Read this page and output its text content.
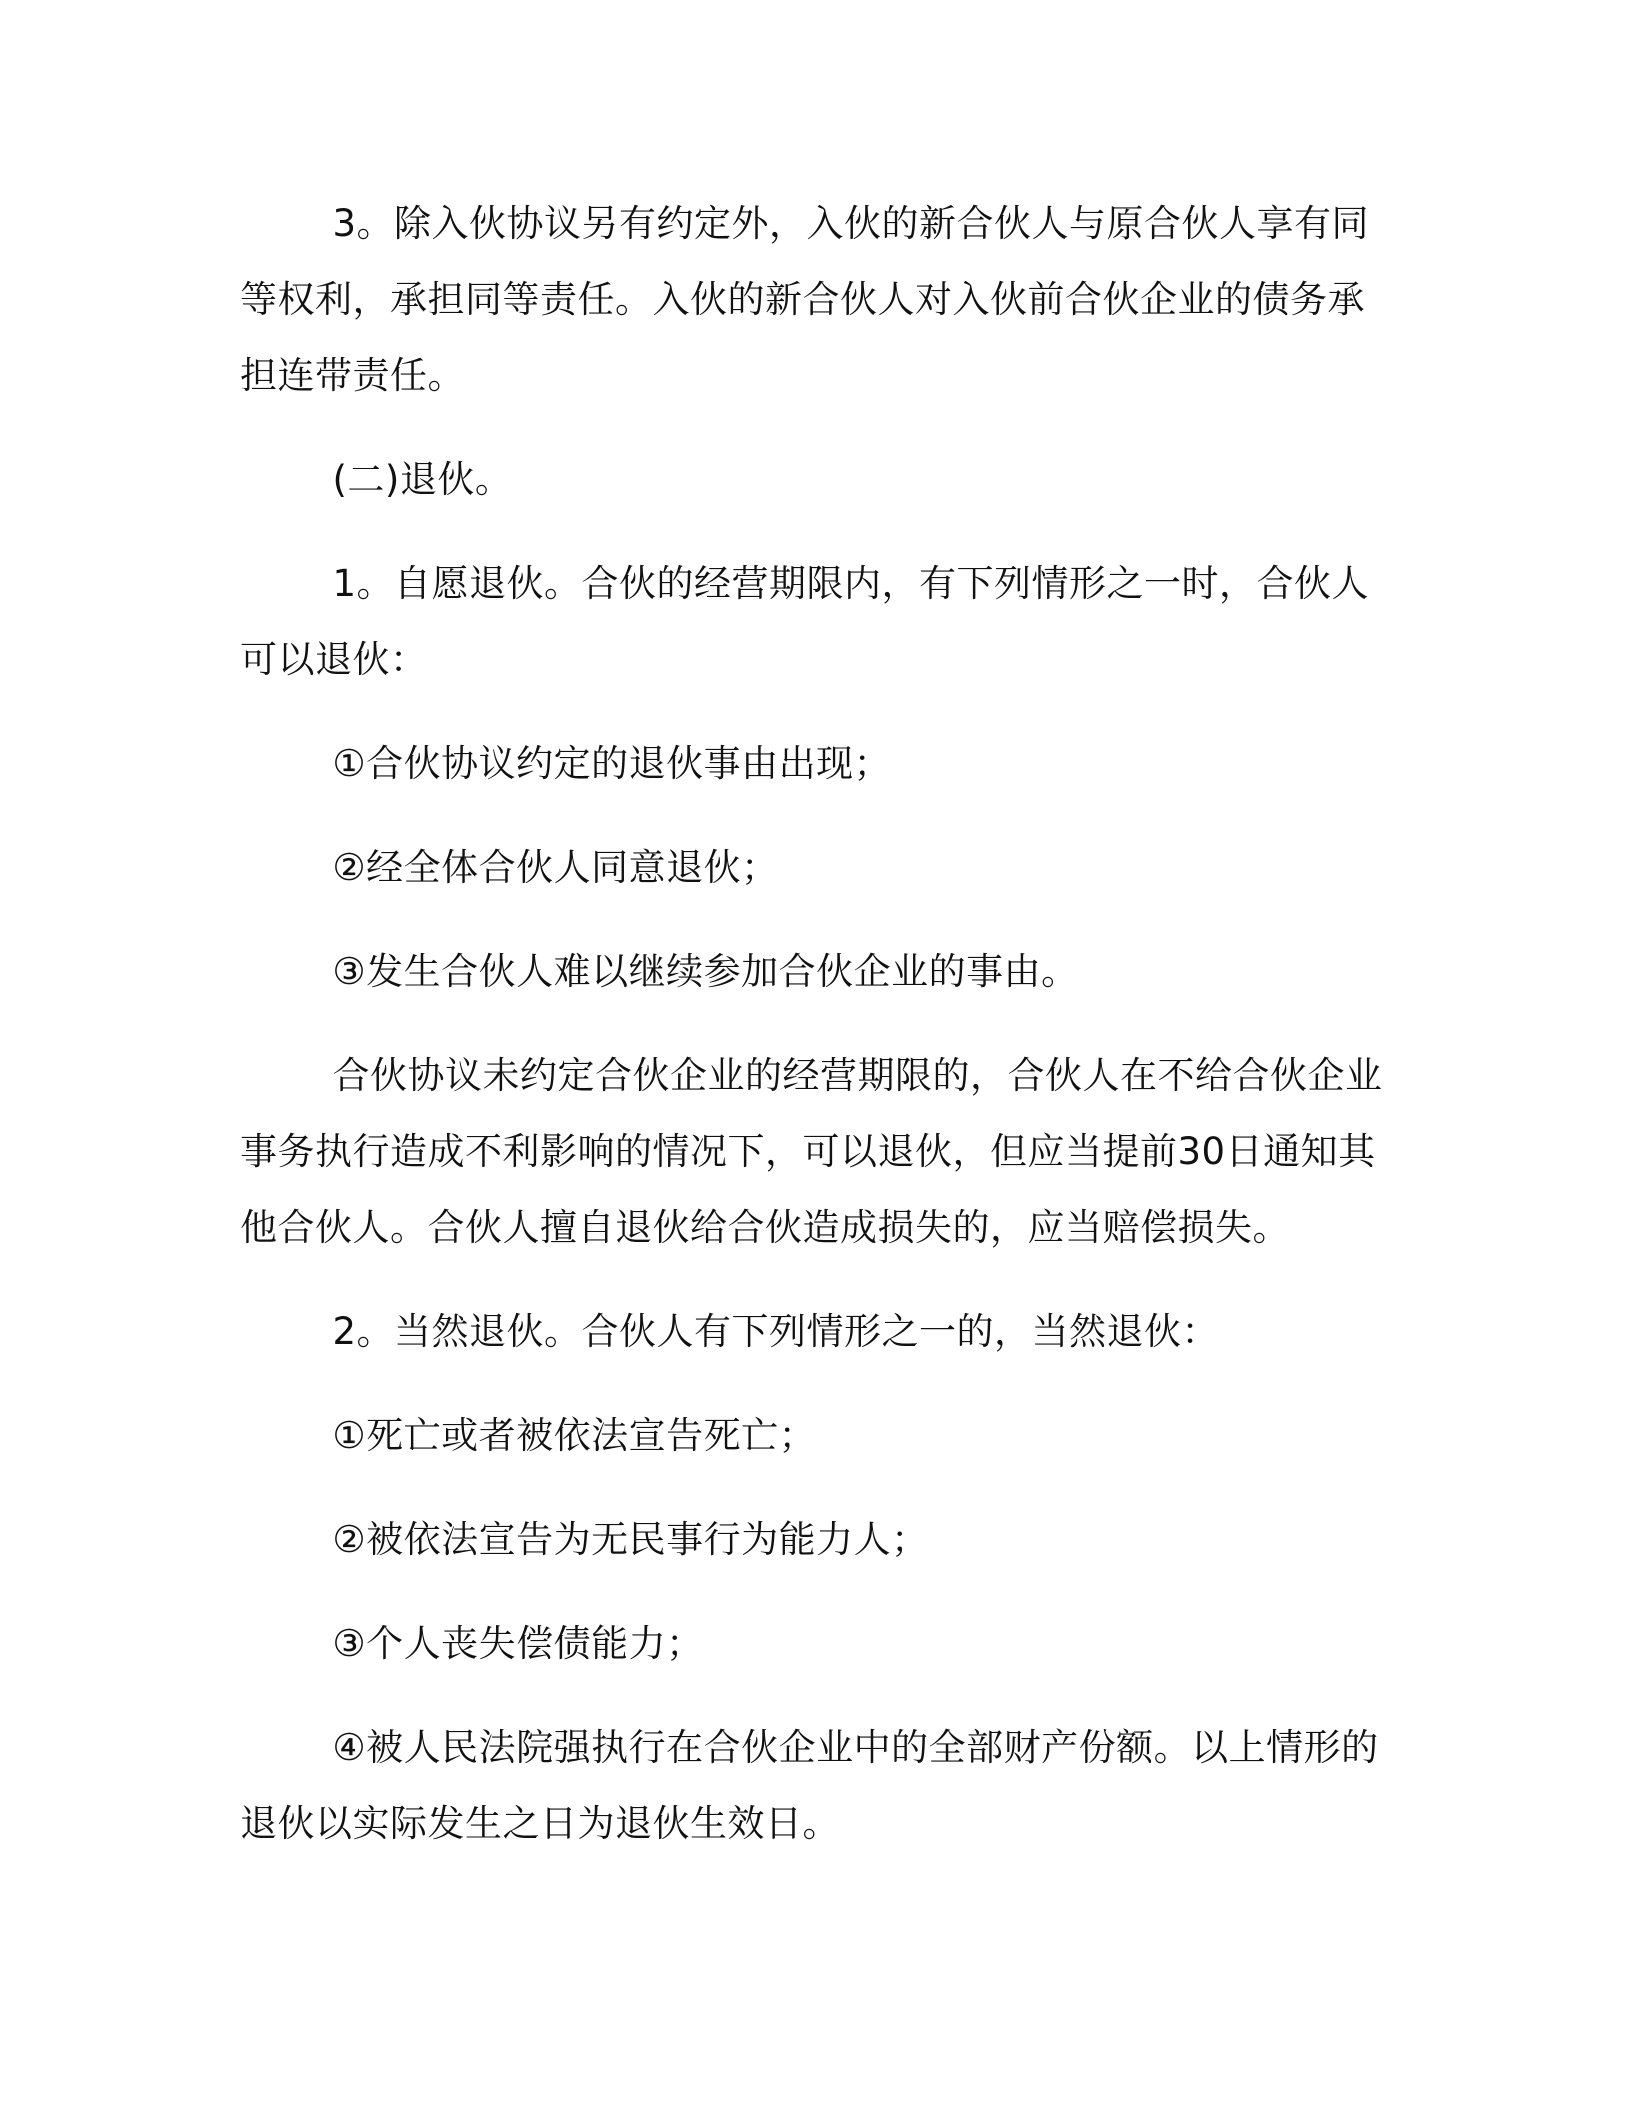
3。除入伙协议另有约定外，入伙的新合伙人与原合伙人享有同等权利，承担同等责任。入伙的新合伙人对入伙前合伙企业的债务承担连带责任。

(二)退伙。

1。自愿退伙。合伙的经营期限内，有下列情形之一时，合伙人可以退伙：

①合伙协议约定的退伙事由出现；

②经全体合伙人同意退伙；

③发生合伙人难以继续参加合伙企业的事由。

合伙协议未约定合伙企业的经营期限的，合伙人在不给合伙企业事务执行造成不利影响的情况下，可以退伙，但应当提前30日通知其他合伙人。合伙人擅自退伙给合伙造成损失的，应当赔偿损失。

2。当然退伙。合伙人有下列情形之一的，当然退伙：

①死亡或者被依法宣告死亡；

②被依法宣告为无民事行为能力人；

③个人丧失偿债能力；

④被人民法院强执行在合伙企业中的全部财产份额。以上情形的退伙以实际发生之日为退伙生效日。
